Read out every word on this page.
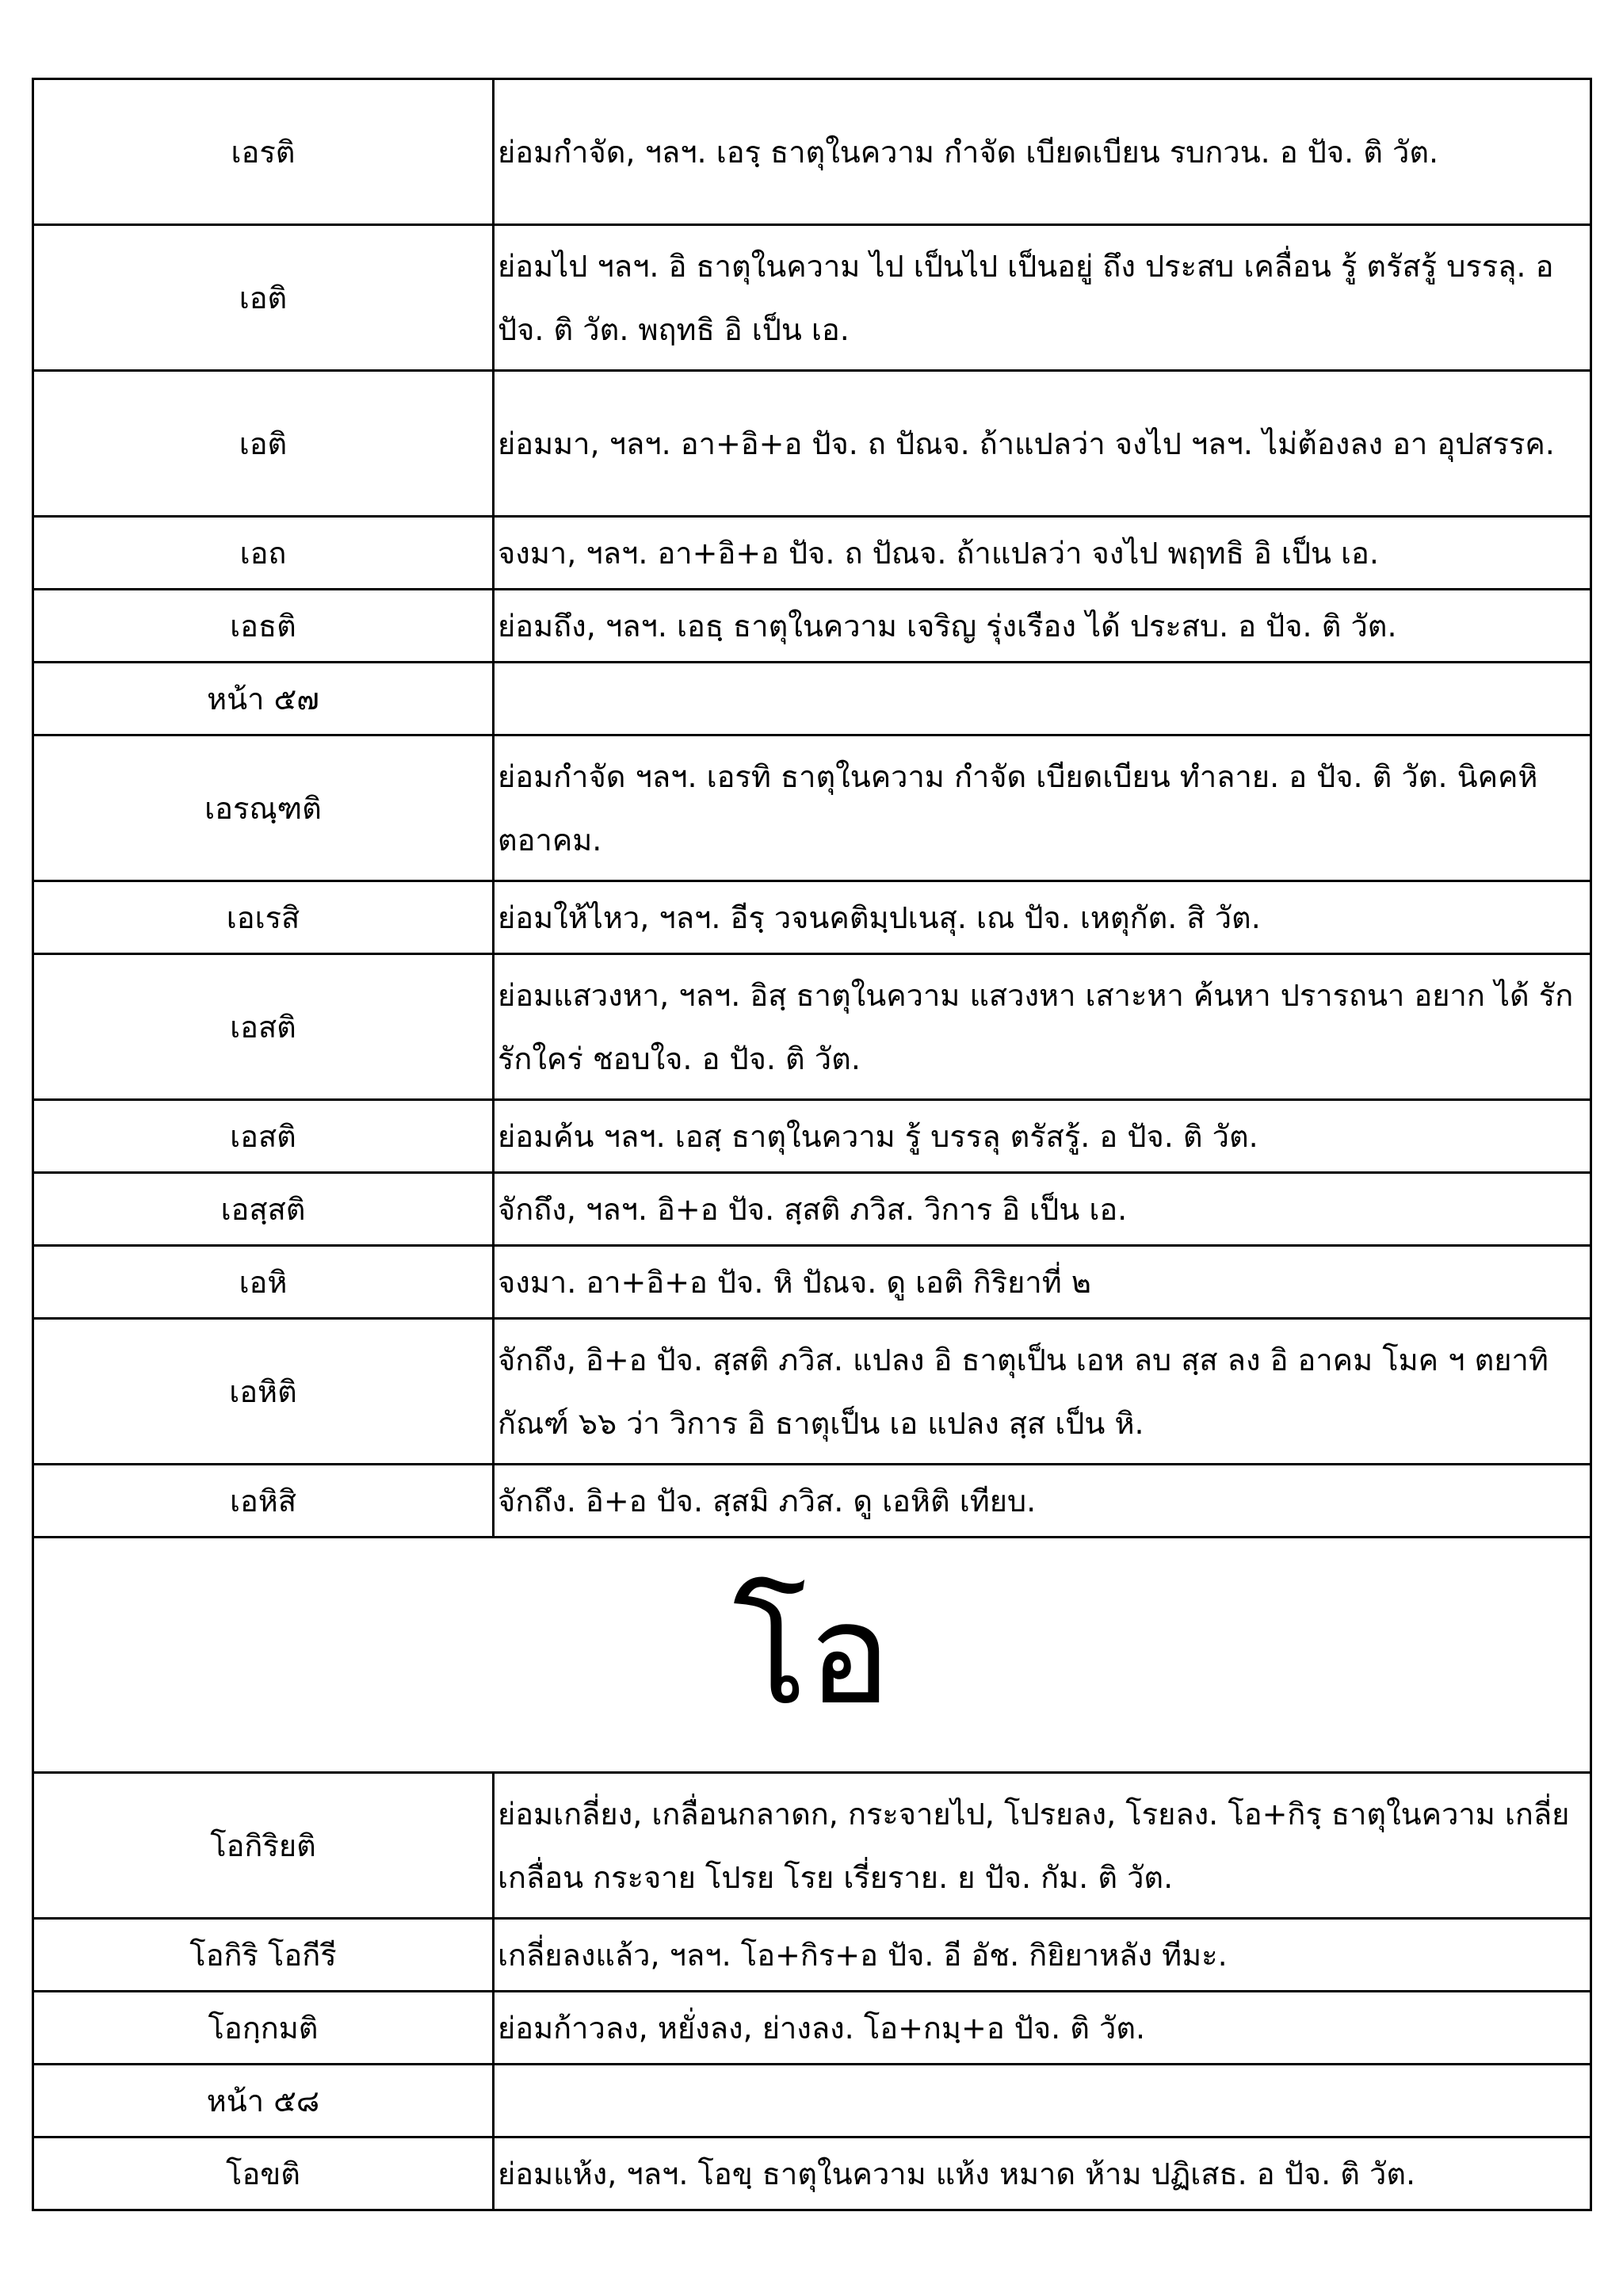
เอรติ	ย่อมกำจัด, ฯลฯ. เอรฺ ธาตุในความ กำจัด เบียดเบียน รบกวน. อ ปัจ. ติ วัต.
เอติ	ย่อมไป ฯลฯ. อิ ธาตุในความ ไป เป็นไป เป็นอยู่ ถึง ประสบ เคลื่อน รู้ ตรัสรู้ บรรลุ. อ ปัจ. ติ วัต. พฤทธิ อิ เป็น เอ.
เอติ	ย่อมมา, ฯลฯ. อา+อิ+อ ปัจ. ถ ปัณจ. ถ้าแปลว่า จงไป ฯลฯ. ไม่ต้องลง อา อุปสรรค.
เอถ	จงมา, ฯลฯ. อา+อิ+อ ปัจ. ถ ปัณจ. ถ้าแปลว่า จงไป พฤทธิ อิ เป็น เอ.
เอธติ	ย่อมถึง, ฯลฯ. เอธฺ ธาตุในความ เจริญ รุ่งเรือง ได้ ประสบ. อ ปัจ. ติ วัต.
หน้า ๕๗	
เอรณฺฑติ	ย่อมกำจัด ฯลฯ. เอรทิ ธาตุในความ กำจัด เบียดเบียน ทำลาย. อ ปัจ. ติ วัต. นิคคหิตอาคม.
เอเรสิ	ย่อมให้ไหว, ฯลฯ. อีรฺ วจนคติมฺปเนสุ. เณ ปัจ. เหตุกัต. สิ วัต.
เอสติ	ย่อมแสวงหา, ฯลฯ. อิสฺ ธาตุในความ แสวงหา เสาะหา ค้นหา ปรารถนา อยาก ได้ รัก รักใคร่ ชอบใจ. อ ปัจ. ติ วัต.
เอสติ	ย่อมค้น ฯลฯ. เอสฺ ธาตุในความ รู้ บรรลุ ตรัสรู้. อ ปัจ. ติ วัต.
เอสฺสติ	จักถึง, ฯลฯ. อิ+อ ปัจ. สฺสติ ภวิส. วิการ อิ เป็น เอ.
เอหิ	จงมา. อา+อิ+อ ปัจ. หิ ปัณจ. ดู เอติ กิริยาที่ ๒
เอหิติ	จักถึง, อิ+อ ปัจ. สฺสติ ภวิส. แปลง อิ ธาตุเป็น เอห ลบ สฺส ลง อิ อาคม โมค ฯ ตยาทิกัณฑ์ ๖๖ ว่า วิการ อิ ธาตุเป็น เอ แปลง สฺส เป็น หิ.
เอหิสิ	จักถึง. อิ+อ ปัจ. สฺสมิ ภวิส. ดู เอหิติ เทียบ.
โอ	
โอกิริยติ	ย่อมเกลี่ยง, เกลื่อนกลาดก, กระจายไป, โปรยลง, โรยลง. โอ+กิรฺ ธาตุในความ เกลี่ย เกลื่อน กระจาย โปรย โรย เรี่ยราย. ย ปัจ. กัม. ติ วัต.
โอกิริ โอกีรี	เกลี่ยลงแล้ว, ฯลฯ. โอ+กิร+อ ปัจ. อี อัช. กิยิยาหลัง ทีมะ.
โอกฺกมติ	ย่อมก้าวลง, หยั่งลง, ย่างลง. โอ+กมฺ+อ ปัจ. ติ วัต.
หน้า ๕๘	
โอขติ	ย่อมแห้ง, ฯลฯ. โอขฺ ธาตุในความ แห้ง หมาด ห้าม ปฏิเสธ. อ ปัจ. ติ วัต.
